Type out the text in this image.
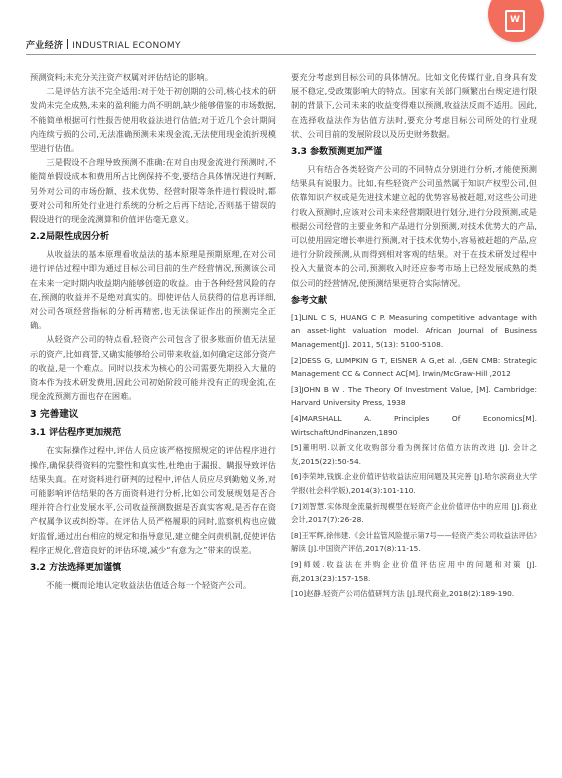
W
产业经济 INDUSTRIAL ECONOMY

预测资料;未充分关注资产权属对评估结论的影响。

二是评估方法不完全适用:对于处于初创期的公司,核心技术的研发尚未完全成熟,未来的盈利能力尚不明朗,缺少能够借鉴的市场数据,不能简单根据可行性报告使用收益法进行估值;对于近几个会计期间内连续亏损的公司,无法准确预测未来现金流,无法使用现金流折现模型进行估值。

三是假设不合理导致预测不准确:在对自由现金流进行预测时,不能简单假设成本和费用所占比例保持不变,要结合具体情况进行判断,另外对公司的市场份额、技术优势、经营时限等条件进行假设时,都要对公司和所处行业进行系统的分析之后再下结论,否则基于错误的假设进行的现金流测算和价值评估毫无意义。

2.2局限性成因分析

从收益法的基本原理看收益法的基本原理是预期原理,在对公司进行评估过程中即为通过目标公司目前的生产经营情况,预测该公司在未来一定时期内收益期内能够创造的收益。由于各种经营风险的存在,预测的收益并不是绝对真实的。即使评估人员获得的信息再详细,对公司各项经营指标的分析再精密,也无法保证作出的预测完全正确。

从轻资产公司的特点看,轻资产公司包含了很多账面价值无法显示的资产,比如商誉,又确实能够给公司带来收益,如何确定这部分资产的收益,是一个难点。同时以技术为核心的公司需要先期投入大量的资本作为技术研发费用,因此公司初始阶段可能并没有正的现金流,在现金流预测方面也存在困难。

3 完善建议
3.1 评估程序更加规范

在实际操作过程中,评估人员应该严格按照规定的评估程序进行操作,确保获得资料的完整性和真实性,杜绝由于漏报、瞒报导致评估结果失真。在对资料进行研判的过程中,评估人员应尽到勤勉义务,对可能影响评估结果的各方面资料进行分析,比如公司发展规划是否合理并符合行业发展水平,公司收益预测数据是否真实客观,是否存在资产权属争议或纠纷等。在评估人员严格履职的同时,监察机构也应做好监督,通过出台相应的规定和指导意见,建立健全问责机制,促使评估程序正规化,营造良好的评估环境,减少“有意为之”带来的误差。

3.2 方法选择更加谨慎

不能一概而论地认定收益法估值适合每一个轻资产公司。

要充分考虑到目标公司的具体情况。比如文化传媒行业,自身具有发展不稳定,受政策影响大的特点。国家有关部门频繁出台规定进行限制的背景下,公司未来的收益变得难以预测,收益法反而不适用。因此,在选择收益法作为估值方法时,要充分考虑目标公司所处的行业现状、公司目前的发展阶段以及历史财务数据。

3.3 参数预测更加严谨

只有结合各类轻资产公司的不同特点分别进行分析,才能使预测结果具有说服力。比如,有些轻资产公司虽然属于知识产权型公司,但依靠知识产权或是先进技术建立起的优势容易被赶超,对这些公司进行收入预测时,应该对公司未来经营期限进行划分,进行分段预测,或是根据公司经营的主要业务和产品进行分别预测,对技术优势大的产品,可以使用固定增长率进行预测,对于技术优势小,容易被赶超的产品,应进行分阶段预测,从而得到相对客观的结果。对于在技术研发过程中投入大量资本的公司,预测收入时还应参考市场上已经发展成熟的类似公司的经营情况,使预测结果更符合实际情况。

参考文献
[1]LINL C S, HUANG C P. Measuring competitive advantage with an asset-light valuation model. African Journal of Business Management[J]. 2011, 5(13): 5100-5108.
[2]DESS G, LUMPKIN G T, EISNER A G,et al. ,GEN CMB: Strategic Management CC & Connect AC[M]. Irwin/McGraw-Hill ,2012
[3]JOHN B W . The Theory Of Investment Value, [M]. Cambridge: Harvard University Press, 1938
[4]MARSHALL A. Principles Of Economics[M]. WirtschaftUndFinanzen,1890
[5]董明明.以新文化收购部分看为例探讨估值方法的改进 [J]. 会计之友,2015(22):50-54.
[6]李荣坤,钱旗.企业价值评估收益法应用问题及其完善 [J].哈尔滨商业大学学报(社会科学版),2014(3):101-110.
[7]刘智慧.实体现金流量折现模型在轻资产企业价值评估中的应用 [J].商业会计,2017(7):26-28.
[8]王军辉,徐伟建.《会计监管风险提示第7号——轻资产类公司收益法评估》解读 [J].中国资产评估,2017(8):11-15.
[9]师媛.收益法在并购企业价值评估应用中的问题和对策 [J].商,2013(23):157-158.
[10]赵静.轻资产公司估值研判方法 [J].现代商业,2018(2):189-190.
